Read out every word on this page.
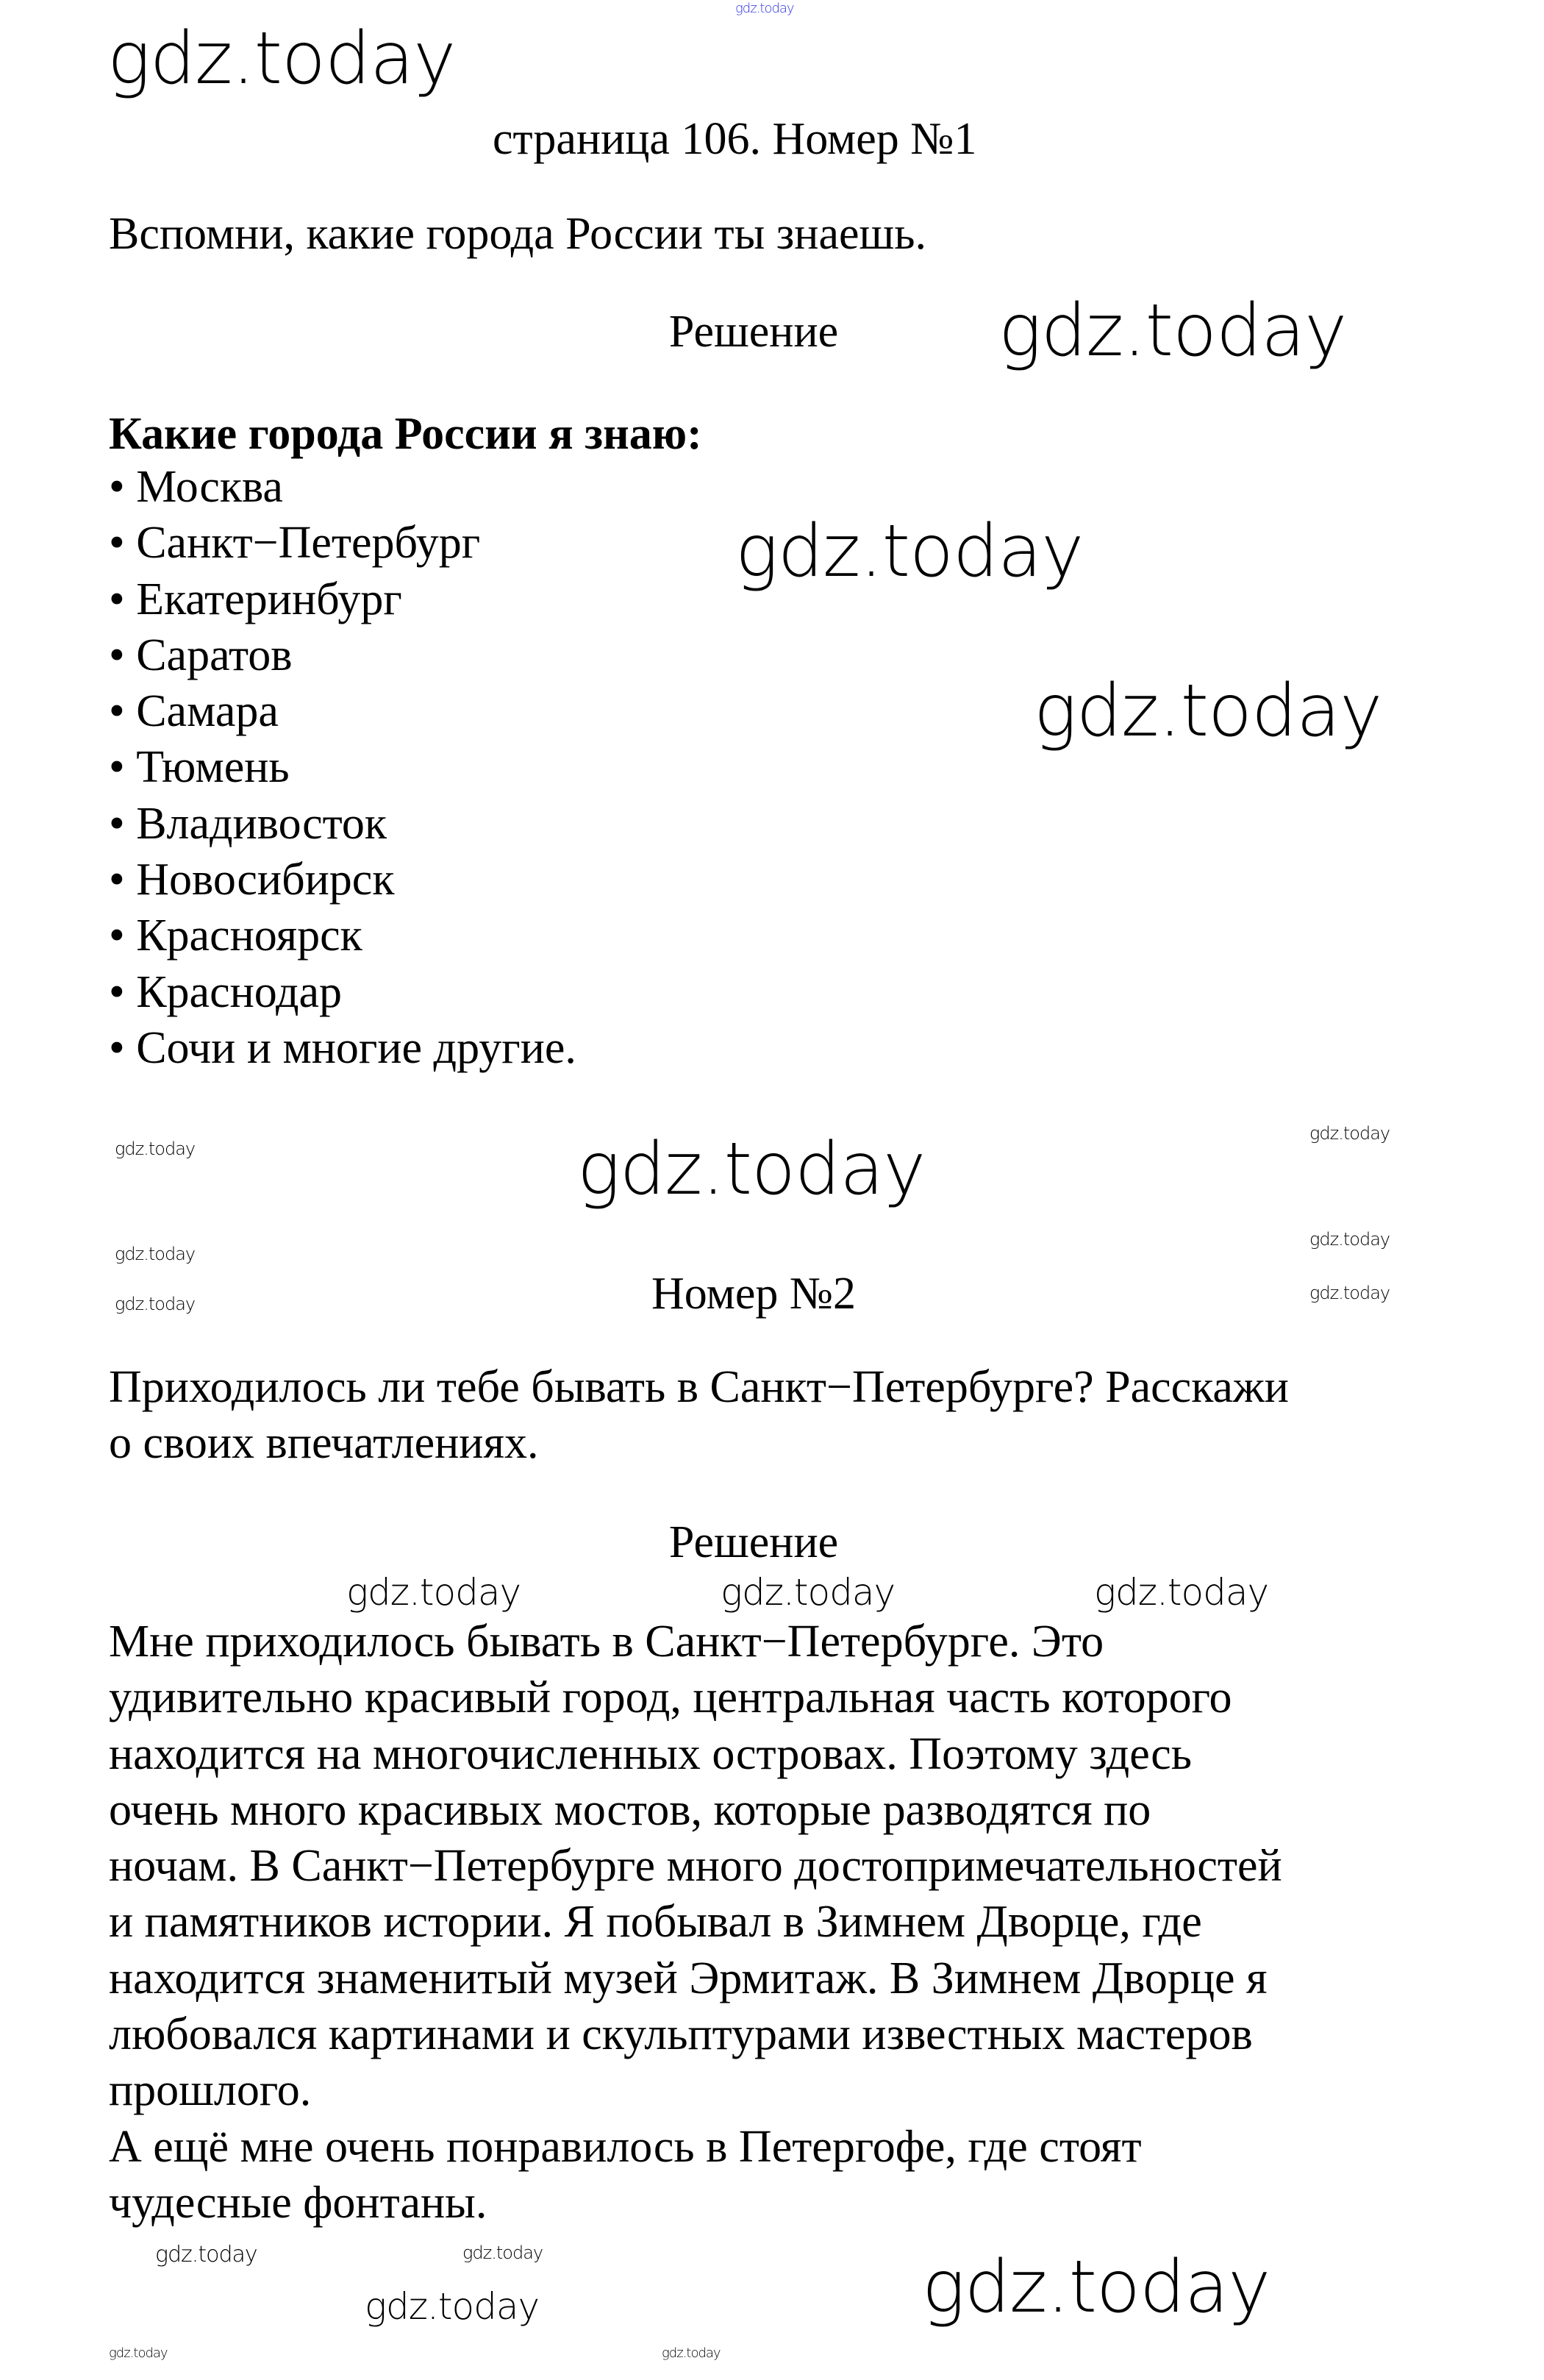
gdz.today
страница 106. Номер №1
Вспомни, какие города России ты знаешь.
Решение
Какие города России я знаю:
• Москва
• Санкт−Петербург
• Екатеринбург
• Саратов
• Самара
• Тюмень
• Владивосток
• Новосибирск
• Красноярск
• Краснодар
• Сочи и многие другие.
Номер №2
Приходилось ли тебе бывать в Санкт−Петербурге? Расскажи
о своих впечатлениях.
Решение
Мне приходилось бывать в Санкт−Петербурге. Это
удивительно красивый город, центральная часть которого
находится на многочисленных островах. Поэтому здесь
очень много красивых мостов, которые разводятся по
ночам. В Санкт−Петербурге много достопримечательностей
и памятников истории. Я побывал в Зимнем Дворце, где
находится знаменитый музей Эрмитаж. В Зимнем Дворце я
любовался картинами и скульптурами известных мастеров
прошлого.
А ещё мне очень понравилось в Петергофе, где стоят
чудесные фонтаны.
gdz.today
gdz.today
gdz.today
gdz.today
gdz.today
gdz.today
gdz.today
gdz.today
gdz.today
gdz.today
gdz.today
gdz.today
gdz.today	gdz.today	gdz.today
gdz.today
gdz.today	gdz.today
gdz.today	gdz.today
